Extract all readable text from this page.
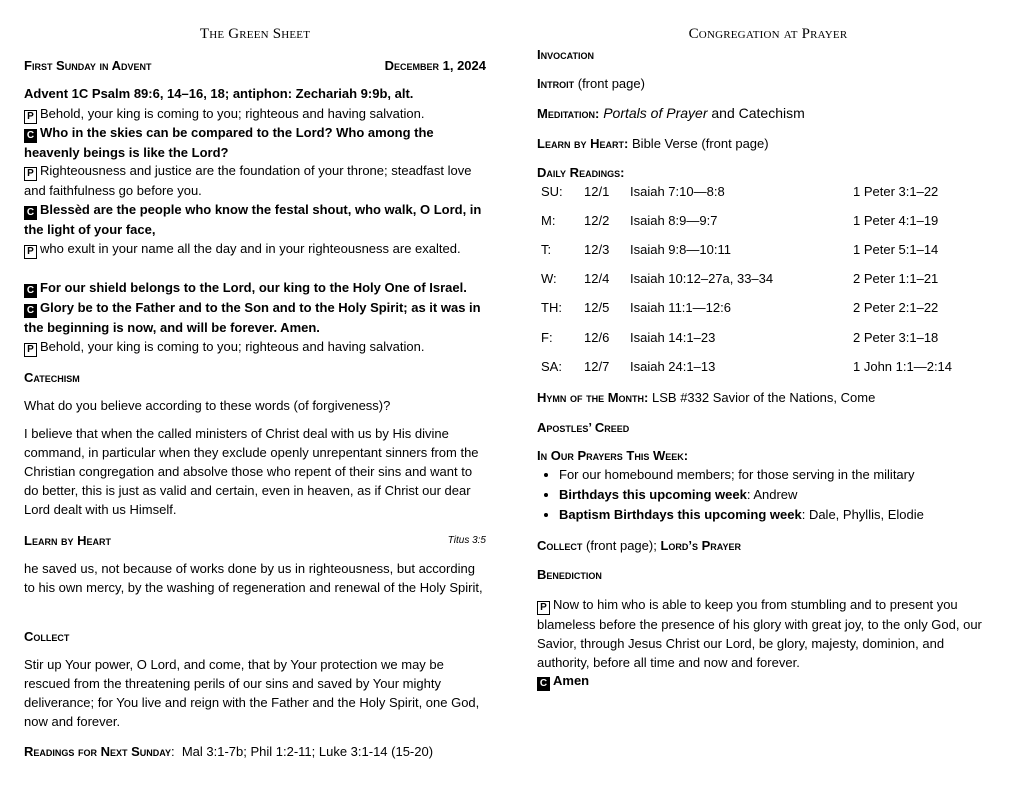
The Green Sheet
First Sunday in Advent	December 1, 2024
Advent 1C Psalm 89:6, 14–16, 18; antiphon: Zechariah 9:9b, alt.
P Behold, your king is coming to you; righteous and having salvation.
C Who in the skies can be compared to the Lord? Who among the heavenly beings is like the Lord?
P Righteousness and justice are the foundation of your throne; steadfast love and faithfulness go before you.
C Blessèd are the people who know the festal shout, who walk, O Lord, in the light of your face,
P who exult in your name all the day and in your righteousness are exalted.
C For our shield belongs to the Lord, our king to the Holy One of Israel.
C Glory be to the Father and to the Son and to the Holy Spirit; as it was in the beginning is now, and will be forever. Amen.
P Behold, your king is coming to you; righteous and having salvation.
Catechism
What do you believe according to these words (of forgiveness)?
I believe that when the called ministers of Christ deal with us by His divine command, in particular when they exclude openly unrepentant sinners from the Christian congregation and absolve those who repent of their sins and want to do better, this is just as valid and certain, even in heaven, as if Christ our dear Lord dealt with us Himself.
Learn by Heart	Titus 3:5
he saved us, not because of works done by us in righteousness, but according to his own mercy, by the washing of regeneration and renewal of the Holy Spirit,
Collect
Stir up Your power, O Lord, and come, that by Your protection we may be rescued from the threatening perils of our sins and saved by Your mighty deliverance; for You live and reign with the Father and the Holy Spirit, one God, now and forever.
Readings for Next Sunday:  Mal 3:1-7b; Phil 1:2-11; Luke 3:1-14 (15-20)
Congregation at Prayer
Invocation
Introit (front page)
Meditation: Portals of Prayer and Catechism
Learn by Heart: Bible Verse (front page)
Daily Readings:
SU: 12/1 Isaiah 7:10—8:8	1 Peter 3:1–22
M: 12/2 Isaiah 8:9—9:7	1 Peter 4:1–19
T:	12/3 Isaiah 9:8—10:11	1 Peter 5:1–14
W: 12/4 Isaiah 10:12–27a, 33–34	2 Peter 1:1–21
TH: 12/5 Isaiah 11:1—12:6	2 Peter 2:1–22
F: 12/6 Isaiah 14:1–23	2 Peter 3:1–18
SA: 12/7 Isaiah 24:1–13	1 John 1:1—2:14
Hymn of the Month: LSB #332 Savior of the Nations, Come
Apostles’ Creed
In Our Prayers This Week:
• For our homebound members; for those serving in the military
• Birthdays this upcoming week: Andrew
• Baptism Birthdays this upcoming week: Dale, Phyllis, Elodie
Collect (front page); Lord’s Prayer
Benediction
P Now to him who is able to keep you from stumbling and to present you blameless before the presence of his glory with great joy, to the only God, our Savior, through Jesus Christ our Lord, be glory, majesty, dominion, and authority, before all time and now and forever.
C Amen
